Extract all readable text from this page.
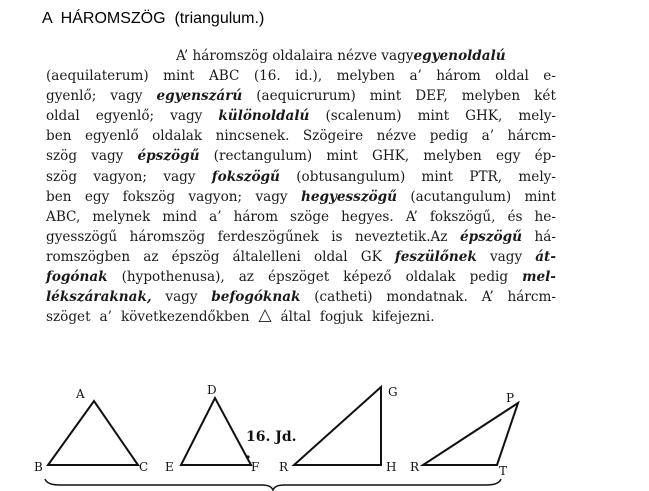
A  HÁROMSZÖG  (triangulum.)
A’ háromszög oldalaira nézve vagy egyenoldalú
(aequilaterum) mint ABC (16. id.), melyben a’ három oldal e-
gyenlő; vagy egyenszárú (aequicrurum) mint DEF, melyben két
oldal egyenlő; vagy különoldalú (scalenum) mint GHK, mely-
ben egyenlő oldalak nincsenek. Szögeire nézve pedig a’ hárcm-
szög vagy épszögű (rectangulum) mint GHK, melyben egy ép-
szög vagyon; vagy fokszögű (obtusangulum) mint PTR, mely-
ben egy fokszög vagyon; vagy hegyesszögű (acutangulum) mint
ABC, melynek mind a’ három szöge hegyes. A’ fokszögű, és he-
gyesszögű háromszög ferdeszögűnek is neveztetik.Az épszögű há-
romszögben az épszög általelleni oldal GK feszülőnek vagy át-
fogónak (hypothenusa), az épszöget képező oldalak pedig mel-
lékszáraknak, vagy befogóknak (catheti) mondatnak. A’ hárcm-
szöget a’ következendőkben △ által fogjuk kifejezni.
A
B	C
D
E	F
16. Jd.
G
H
R
P
T
R
